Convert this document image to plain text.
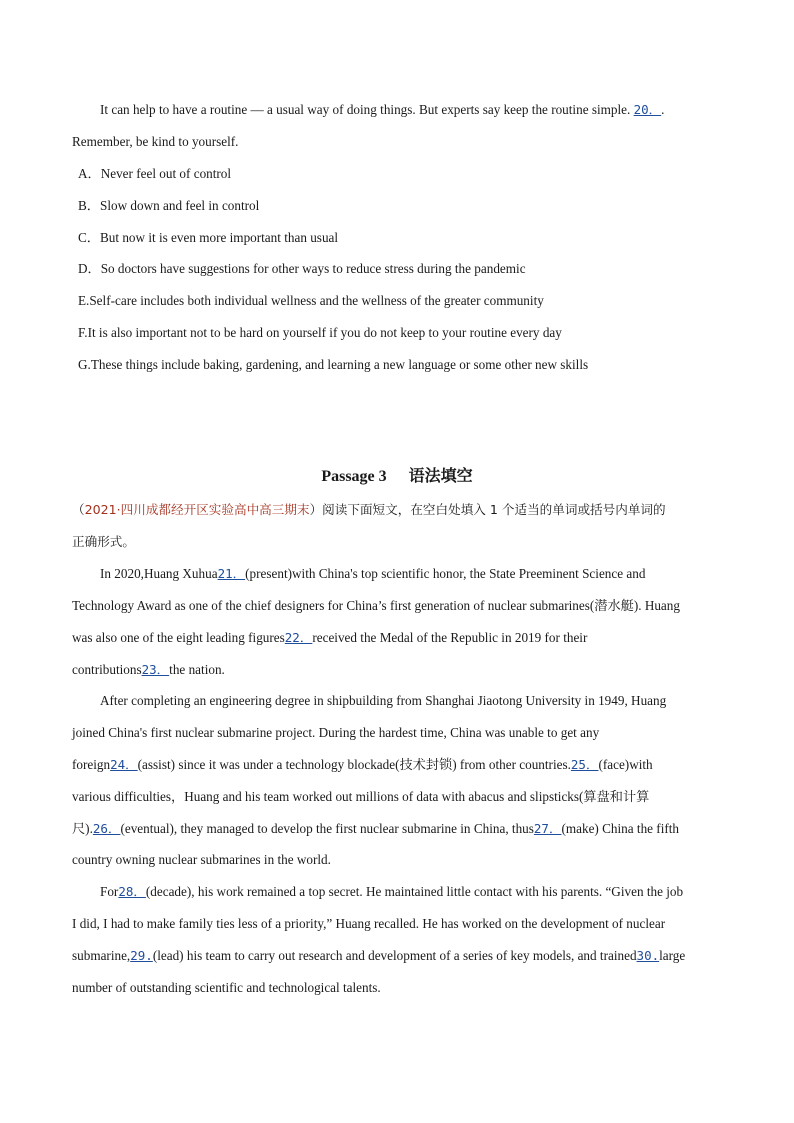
It can help to have a routine — a usual way of doing things. But experts say keep the routine simple. 20．.
Remember, be kind to yourself.
A．Never feel out of control
B．Slow down and feel in control
C．But now it is even more important than usual
D．So doctors have suggestions for other ways to reduce stress during the pandemic
E.Self-care includes both individual wellness and the wellness of the greater community
F.It is also important not to be hard on yourself if you do not keep to your routine every day
G.These things include baking, gardening, and learning a new language or some other new skills
Passage 3 语法填空
（2021·四川成都经开区实验高中高三期末）阅读下面短文，在空白处填入 1 个适当的单词或括号内单词的
正确形式。
In 2020,Huang Xuhua21．(present)with China's top scientific honor, the State Preeminent Science and
Technology Award as one of the chief designers for China’s first generation of nuclear submarines(潜水艇). Huang
was also one of the eight leading figures22．received the Medal of the Republic in 2019 for their
contributions23．the nation.
After completing an engineering degree in shipbuilding from Shanghai Jiaotong University in 1949, Huang
joined China's first nuclear submarine project. During the hardest time, China was unable to get any
foreign24．(assist) since it was under a technology blockade(技术封锁) from other countries.25．(face)with
various difficulties，Huang and his team worked out millions of data with abacus and slipsticks(算盘和计算
尺).26．(eventual), they managed to develop the first nuclear submarine in China, thus27．(make) China the fifth
country owning nuclear submarines in the world.
For28．(decade), his work remained a top secret. He maintained little contact with his parents. “Given the job
I did, I had to make family ties less of a priority,” Huang recalled. He has worked on the development of nuclear
submarine,29.(lead) his team to carry out research and development of a series of key models, and trained30.large
number of outstanding scientific and technological talents.
